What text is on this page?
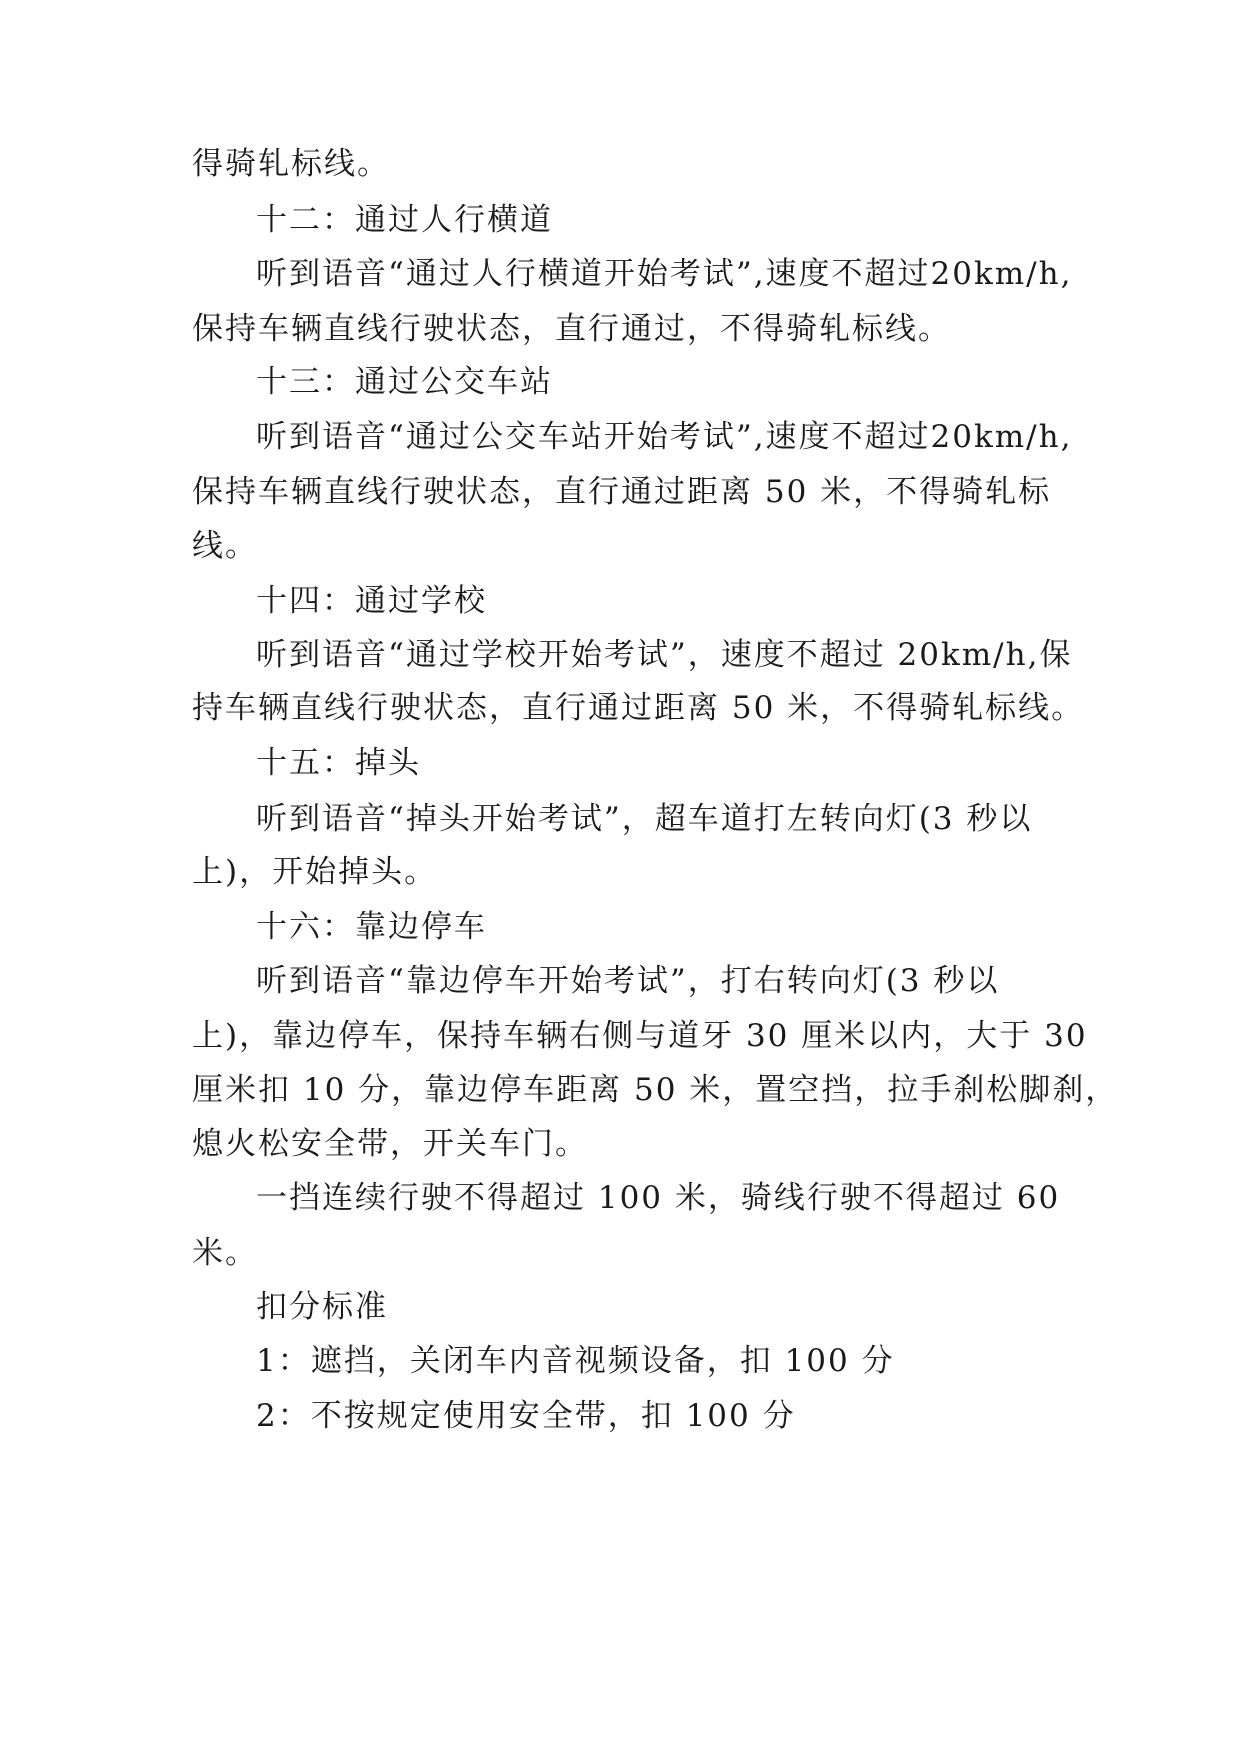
得骑轧标线。
十二：通过人行横道
听到语音“通过人行横道开始考试”,速度不超过20km/h,
保持车辆直线行驶状态，直行通过，不得骑轧标线。
十三：通过公交车站
听到语音“通过公交车站开始考试”,速度不超过20km/h,
保持车辆直线行驶状态，直行通过距离 50 米，不得骑轧标
线。
十四：通过学校
听到语音“通过学校开始考试”，速度不超过 20km/h,保
持车辆直线行驶状态，直行通过距离 50 米，不得骑轧标线。
十五：掉头
听到语音“掉头开始考试”，超车道打左转向灯(3 秒以
上)，开始掉头。
十六：靠边停车
听到语音“靠边停车开始考试”，打右转向灯(3 秒以
上)，靠边停车，保持车辆右侧与道牙 30 厘米以内，大于 30
厘米扣 10 分，靠边停车距离 50 米，置空挡，拉手刹松脚刹，
熄火松安全带，开关车门。
一挡连续行驶不得超过 100 米，骑线行驶不得超过 60
米。
扣分标准
1：遮挡，关闭车内音视频设备，扣 100 分
2：不按规定使用安全带，扣 100 分
